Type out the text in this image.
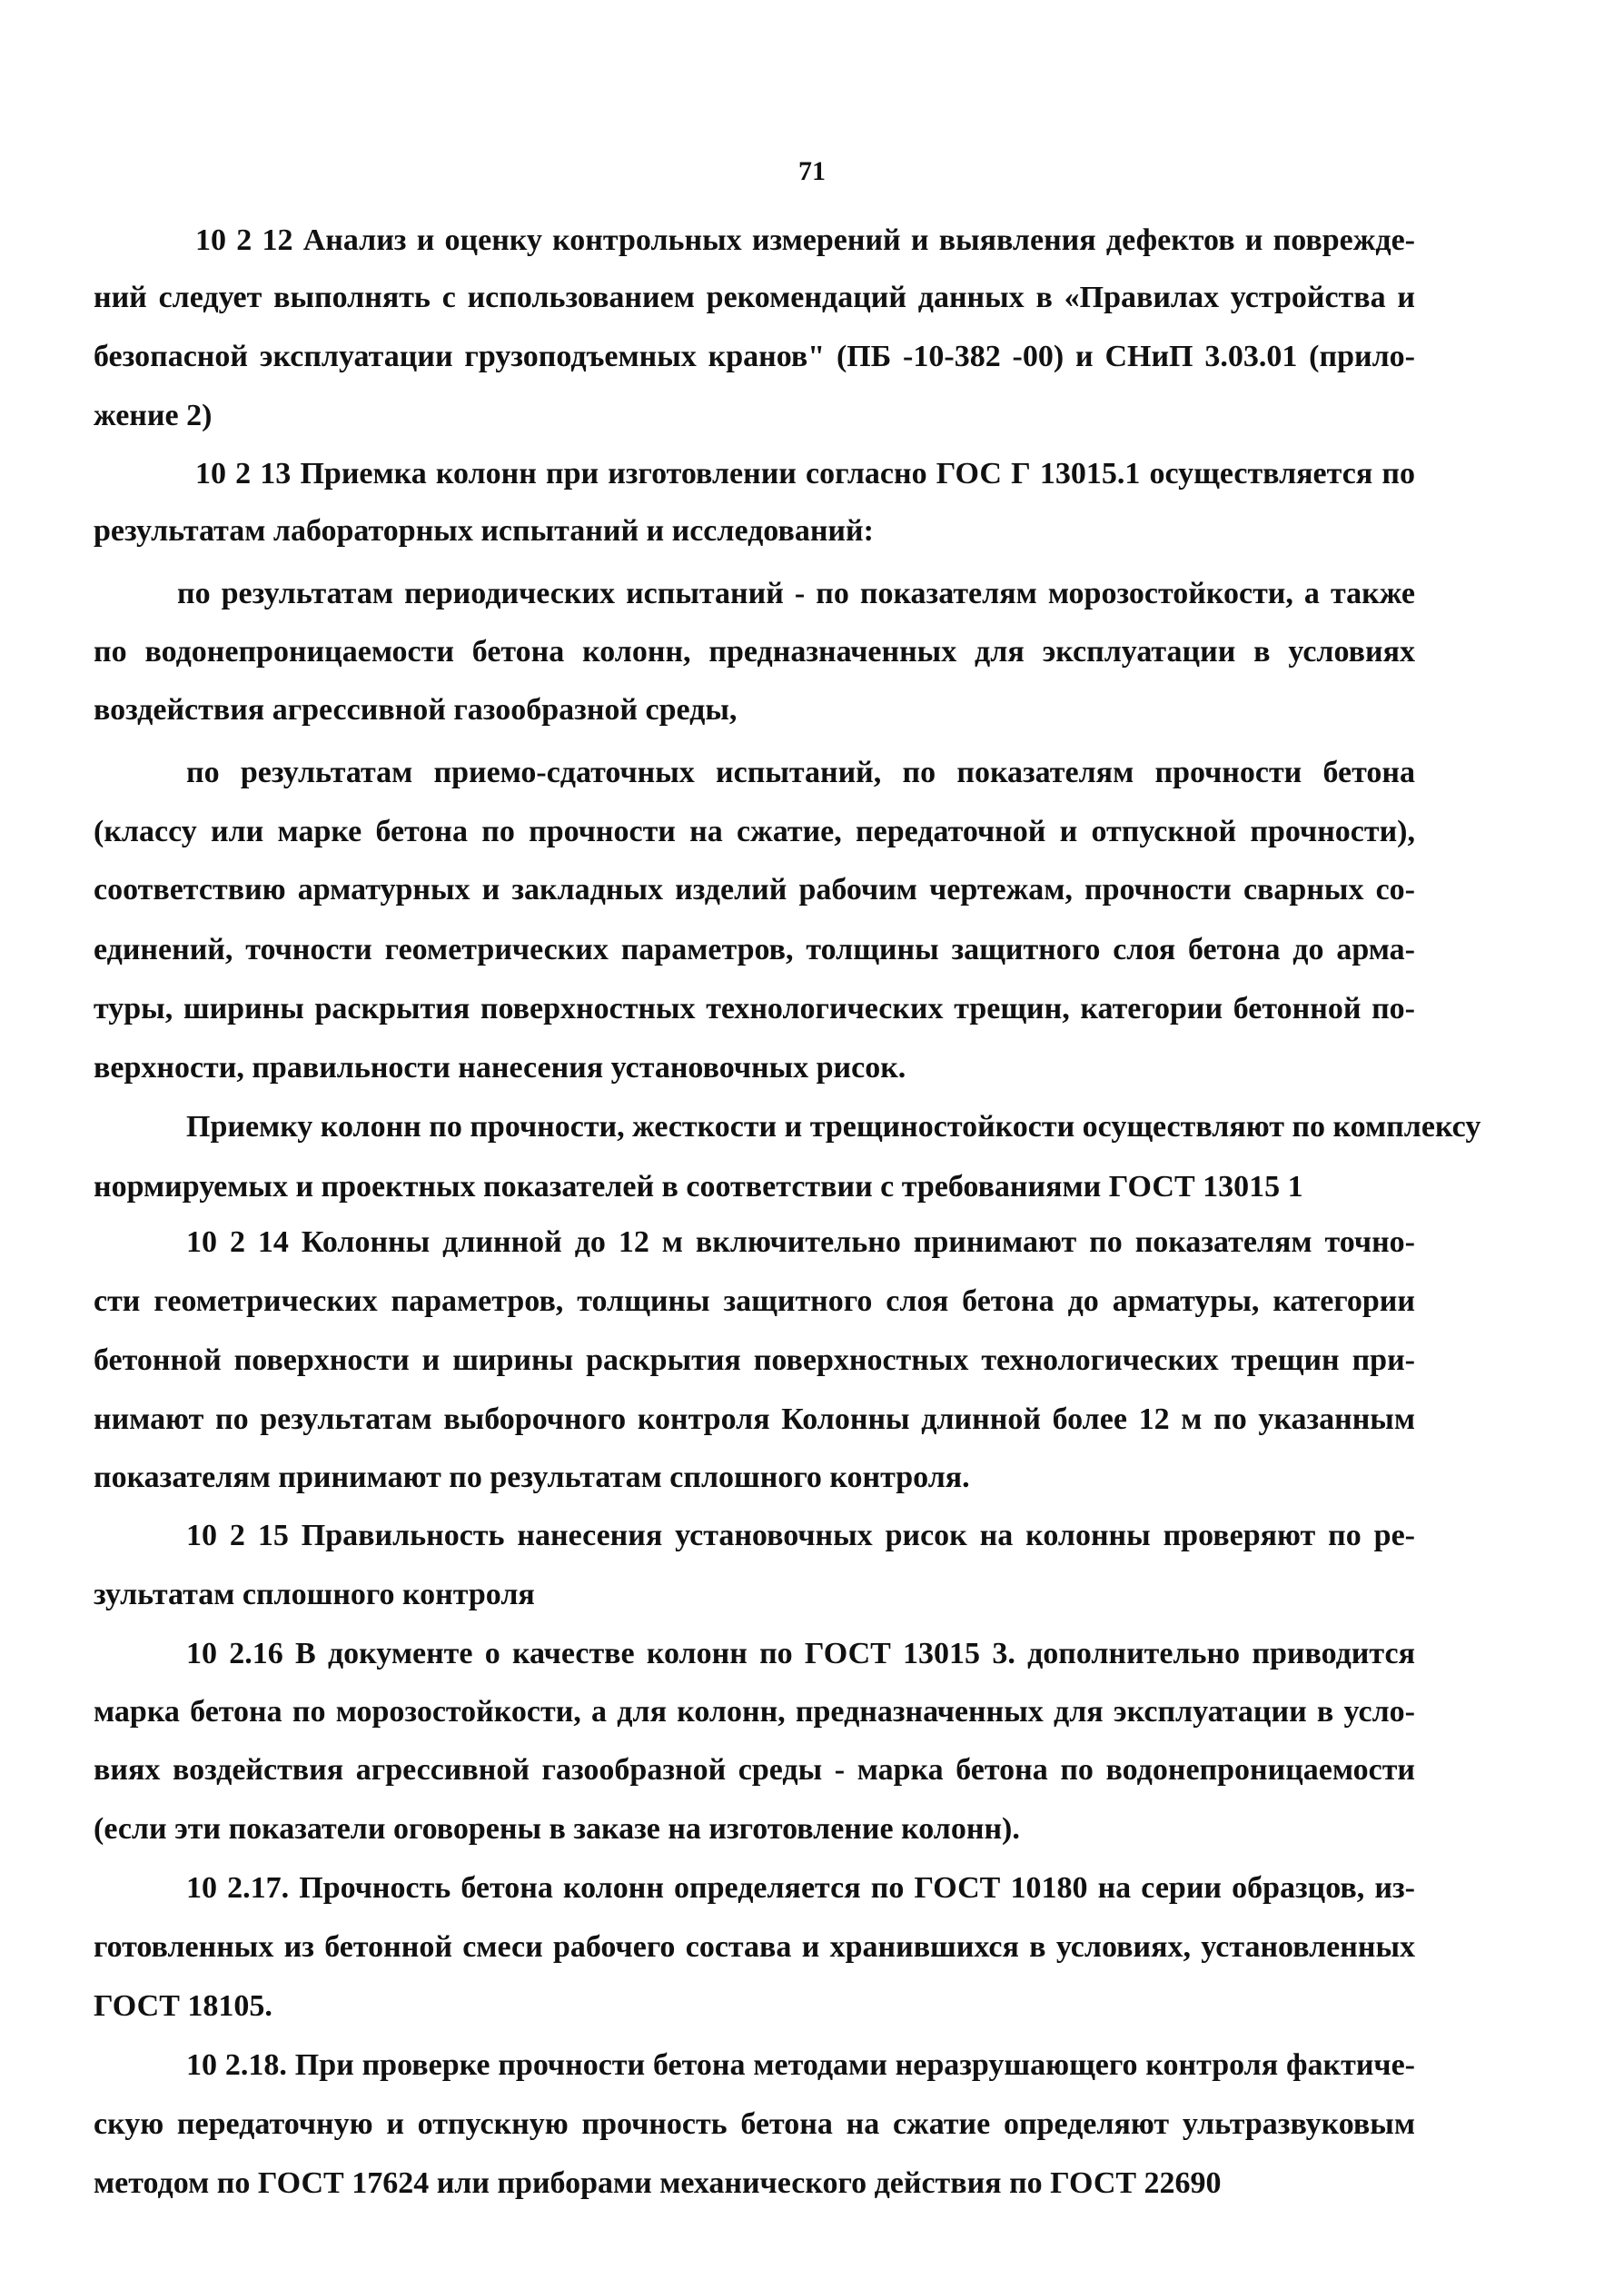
71
10 2 12 Анализ и оценку контрольных измерений и выявления дефектов и поврежде-
ний следует выполнять с использованием рекомендаций данных в «Правилах устройства и
безопасной эксплуатации грузоподъемных кранов" (ПБ -10-382 -00) и СНиП 3.03.01 (прило-
жение 2)
10 2 13 Приемка колонн при изготовлении согласно ГОС Г 13015.1 осуществляется по
результатам лабораторных испытаний и исследований:
по результатам периодических испытаний - по показателям морозостойкости, а также
по водонепроницаемости бетона колонн, предназначенных для эксплуатации в условиях
воздействия агрессивной газообразной среды,
по результатам приемо-сдаточных испытаний, по показателям прочности бетона
(классу или марке бетона по прочности на сжатие, передаточной и отпускной прочности),
соответствию арматурных и закладных изделий рабочим чертежам, прочности сварных со-
единений, точности геометрических параметров, толщины защитного слоя бетона до арма-
туры, ширины раскрытия поверхностных технологических трещин, категории бетонной по-
верхности, правильности нанесения установочных рисок.
Приемку колонн по прочности, жесткости и трещиностойкости осуществляют по комплексу
нормируемых и проектных показателей в соответствии с требованиями ГОСТ 13015 1
10 2 14 Колонны длинной до 12 м включительно принимают по показателям точно-
сти геометрических параметров, толщины защитного слоя бетона до арматуры, категории
бетонной поверхности и ширины раскрытия поверхностных технологических трещин при-
нимают по результатам выборочного контроля Колонны длинной более 12 м по указанным
показателям принимают по результатам сплошного контроля.
10 2 15 Правильность нанесения установочных рисок на колонны проверяют по ре-
зультатам сплошного контроля
10 2.16 В документе о качестве колонн по ГОСТ 13015 3. дополнительно приводится
марка бетона по морозостойкости, а для колонн, предназначенных для эксплуатации в усло-
виях воздействия агрессивной газообразной среды - марка бетона по водонепроницаемости
(если эти показатели оговорены в заказе на изготовление колонн).
10 2.17. Прочность бетона колонн определяется по ГОСТ 10180 на серии образцов, из-
готовленных из бетонной смеси рабочего состава и хранившихся в условиях, установленных
ГОСТ 18105.
10 2.18. При проверке прочности бетона методами неразрушающего контроля фактиче-
скую передаточную и отпускную прочность бетона на сжатие определяют ультразвуковым
методом по ГОСТ 17624 или приборами механического действия по ГОСТ 22690
